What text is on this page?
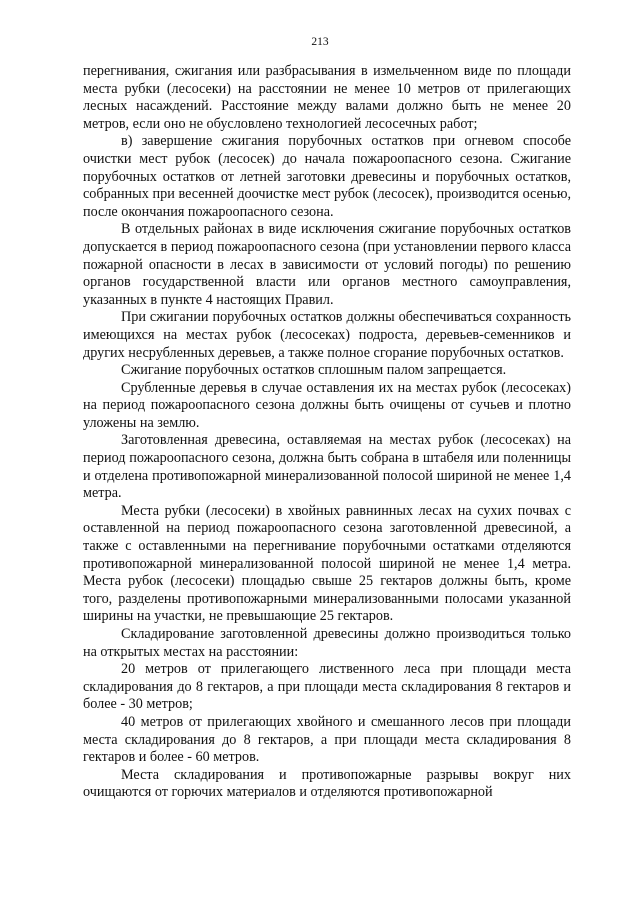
213

перегнивания, сжигания или разбрасывания в измельченном виде по площади места рубки (лесосеки) на расстоянии не менее 10 метров от прилегающих лесных насаждений. Расстояние между валами должно быть не менее 20 метров, если оно не обусловлено технологией лесосечных работ;

в) завершение сжигания порубочных остатков при огневом способе очистки мест рубок (лесосек) до начала пожароопасного сезона. Сжигание порубочных остатков от летней заготовки древесины и порубочных остатков, собранных при весенней доочистке мест рубок (лесосек), производится осенью, после окончания пожароопасного сезона.

В отдельных районах в виде исключения сжигание порубочных остатков допускается в период пожароопасного сезона (при установлении первого класса пожарной опасности в лесах в зависимости от условий погоды) по решению органов государственной власти или органов местного самоуправления, указанных в пункте 4 настоящих Правил.

При сжигании порубочных остатков должны обеспечиваться сохранность имеющихся на местах рубок (лесосеках) подроста, деревьев-семенников и других несрубленных деревьев, а также полное сгорание порубочных остатков.

Сжигание порубочных остатков сплошным палом запрещается.

Срубленные деревья в случае оставления их на местах рубок (лесосеках) на период пожароопасного сезона должны быть очищены от сучьев и плотно уложены на землю.

Заготовленная древесина, оставляемая на местах рубок (лесосеках) на период пожароопасного сезона, должна быть собрана в штабеля или поленницы и отделена противопожарной минерализованной полосой шириной не менее 1,4 метра.

Места рубки (лесосеки) в хвойных равнинных лесах на сухих почвах с оставленной на период пожароопасного сезона заготовленной древесиной, а также с оставленными на перегнивание порубочными остатками отделяются противопожарной минерализованной полосой шириной не менее 1,4 метра. Места рубок (лесосеки) площадью свыше 25 гектаров должны быть, кроме того, разделены противопожарными минерализованными полосами указанной ширины на участки, не превышающие 25 гектаров.

Складирование заготовленной древесины должно производиться только на открытых местах на расстоянии:

20 метров от прилегающего лиственного леса при площади места складирования до 8 гектаров, а при площади места складирования 8 гектаров и более - 30 метров;

40 метров от прилегающих хвойного и смешанного лесов при площади места складирования до 8 гектаров, а при площади места складирования 8 гектаров и более - 60 метров.

Места складирования и противопожарные разрывы вокруг них очищаются от горючих материалов и отделяются противопожарной
